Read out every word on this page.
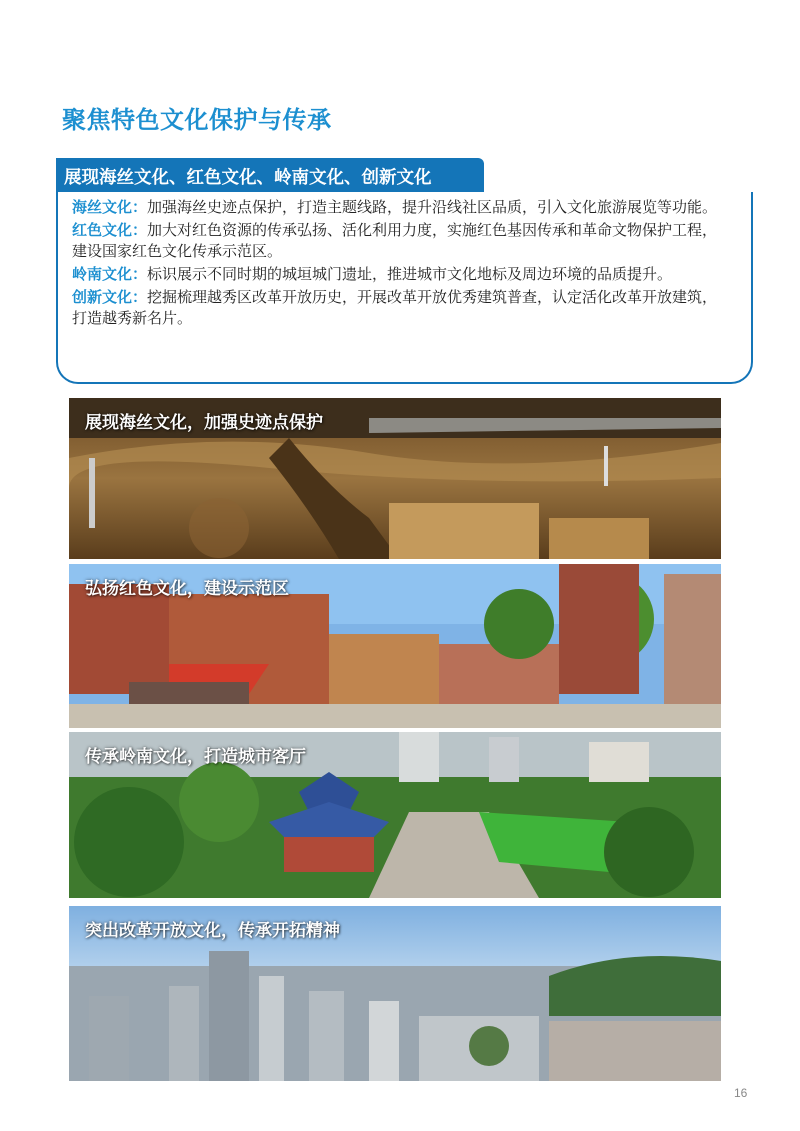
聚焦特色文化保护与传承
展现海丝文化、红色文化、岭南文化、创新文化

海丝文化：加强海丝史迹点保护，打造主题线路，提升沿线社区品质，引入文化旅游展览等功能。

红色文化：加大对红色资源的传承弘扬、活化利用力度，实施红色基因传承和革命文物保护工程，建设国家红色文化传承示范区。

岭南文化：标识展示不同时期的城垣城门遗址，推进城市文化地标及周边环境的品质提升。

创新文化：挖掘梳理越秀区改革开放历史，开展改革开放优秀建筑普查，认定活化改革开放建筑，打造越秀新名片。

展现海丝文化，加强史迹点保护
弘扬红色文化，建设示范区
传承岭南文化，打造城市客厅
突出改革开放文化，传承开拓精神
16
